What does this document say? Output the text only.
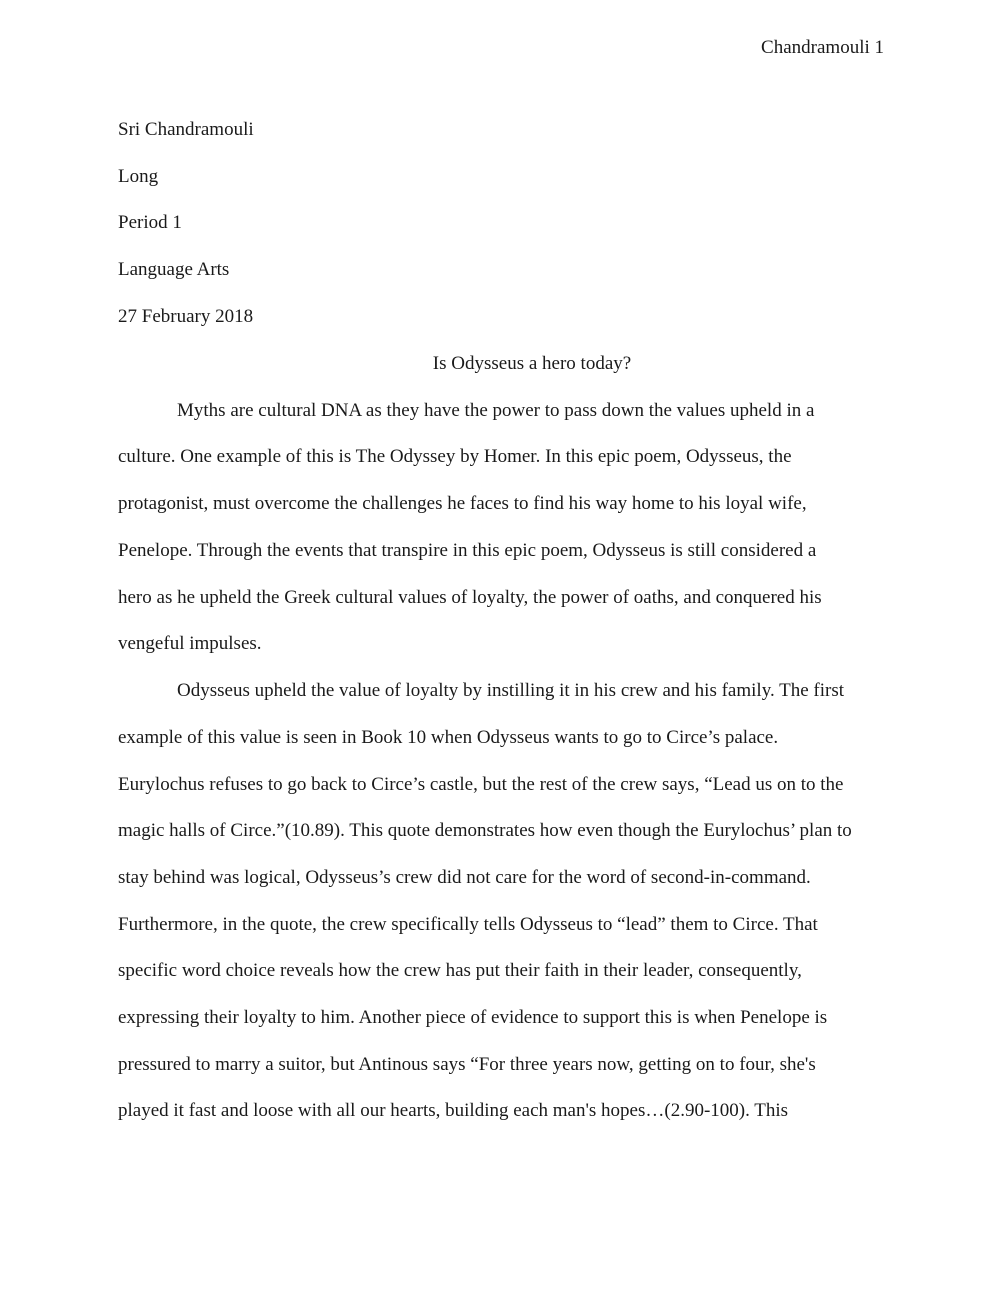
Chandramouli 1
Sri Chandramouli
Long
Period 1
Language Arts
27 February 2018
Is Odysseus a hero today?
Myths are cultural DNA as they have the power to pass down the values upheld in a
culture. One example of this is The Odyssey by Homer. In this epic poem, Odysseus, the
protagonist, must overcome the challenges he faces to find his way home to his loyal wife,
Penelope. Through the events that transpire in this epic poem, Odysseus is still considered a
hero as he upheld the Greek cultural values of loyalty, the power of oaths, and conquered his
vengeful impulses.
Odysseus upheld the value of loyalty by instilling it in his crew and his family. The first
example of this value is seen in Book 10 when Odysseus wants to go to Circe’s palace.
Eurylochus refuses to go back to Circe’s castle, but the rest of the crew says, “Lead us on to the
magic halls of Circe.”(10.89). This quote demonstrates how even though the Eurylochus’ plan to
stay behind was logical, Odysseus’s crew did not care for the word of second-in-command.
Furthermore, in the quote, the crew specifically tells Odysseus to “lead” them to Circe. That
specific word choice reveals how the crew has put their faith in their leader, consequently,
expressing their loyalty to him. Another piece of evidence to support this is when Penelope is
pressured to marry a suitor, but Antinous says “For three years now, getting on to four, she's
played it fast and loose with all our hearts, building each man's hopes…(2.90-100). This
